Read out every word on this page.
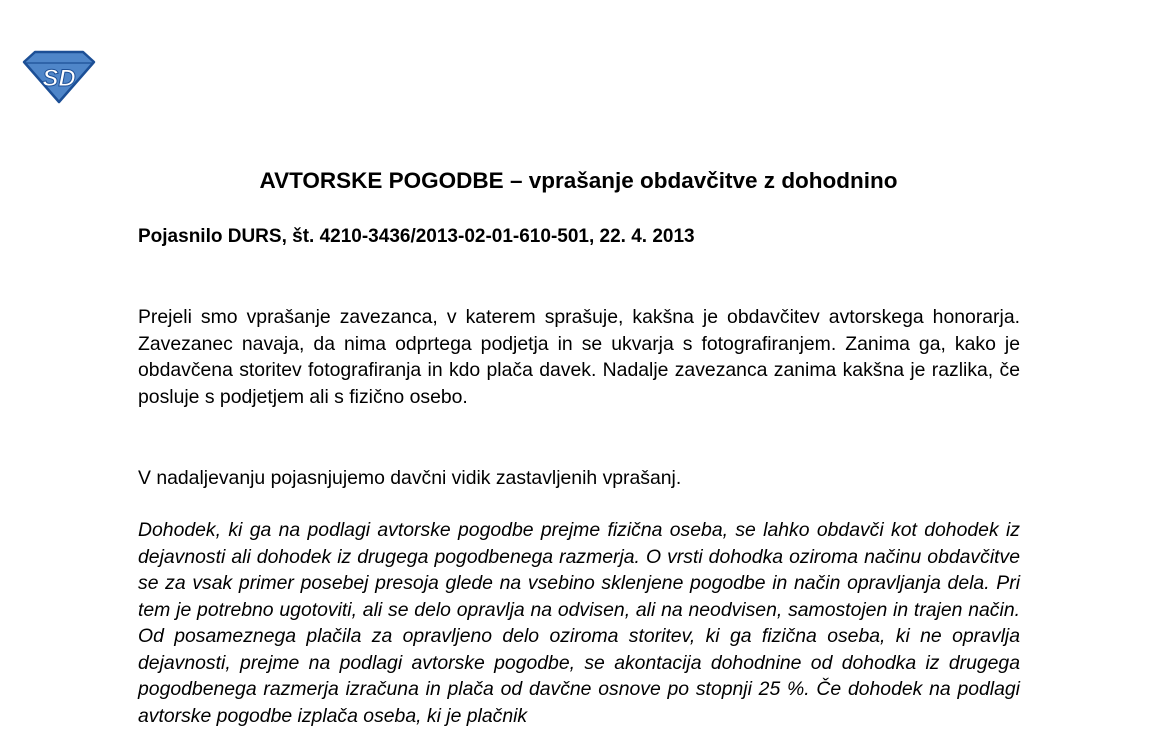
SD
AVTORSKE POGODBE – vprašanje obdavčitve z dohodnino

Pojasnilo DURS, št. 4210-3436/2013-02-01-610-501, 22. 4. 2013

Prejeli smo vprašanje zavezanca, v katerem sprašuje, kakšna je obdavčitev avtorskega honorarja. Zavezanec navaja, da nima odprtega podjetja in se ukvarja s fotografiranjem. Zanima ga, kako je obdavčena storitev fotografiranja in kdo plača davek. Nadalje zavezanca zanima kakšna je razlika, če posluje s podjetjem ali s fizično osebo.

V nadaljevanju pojasnjujemo davčni vidik zastavljenih vprašanj.

Dohodek, ki ga na podlagi avtorske pogodbe prejme fizična oseba, se lahko obdavči kot dohodek iz dejavnosti ali dohodek iz drugega pogodbenega razmerja. O vrsti dohodka oziroma načinu obdavčitve se za vsak primer posebej presoja glede na vsebino sklenjene pogodbe in način opravljanja dela. Pri tem je potrebno ugotoviti, ali se delo opravlja na odvisen, ali na neodvisen, samostojen in trajen način. Od posameznega plačila za opravljeno delo oziroma storitev, ki ga fizična oseba, ki ne opravlja dejavnosti, prejme na podlagi avtorske pogodbe, se akontacija dohodnine od dohodka iz drugega pogodbenega razmerja izračuna in plača od davčne osnove po stopnji 25 %. Če dohodek na podlagi avtorske pogodbe izplača oseba, ki je plačnik
